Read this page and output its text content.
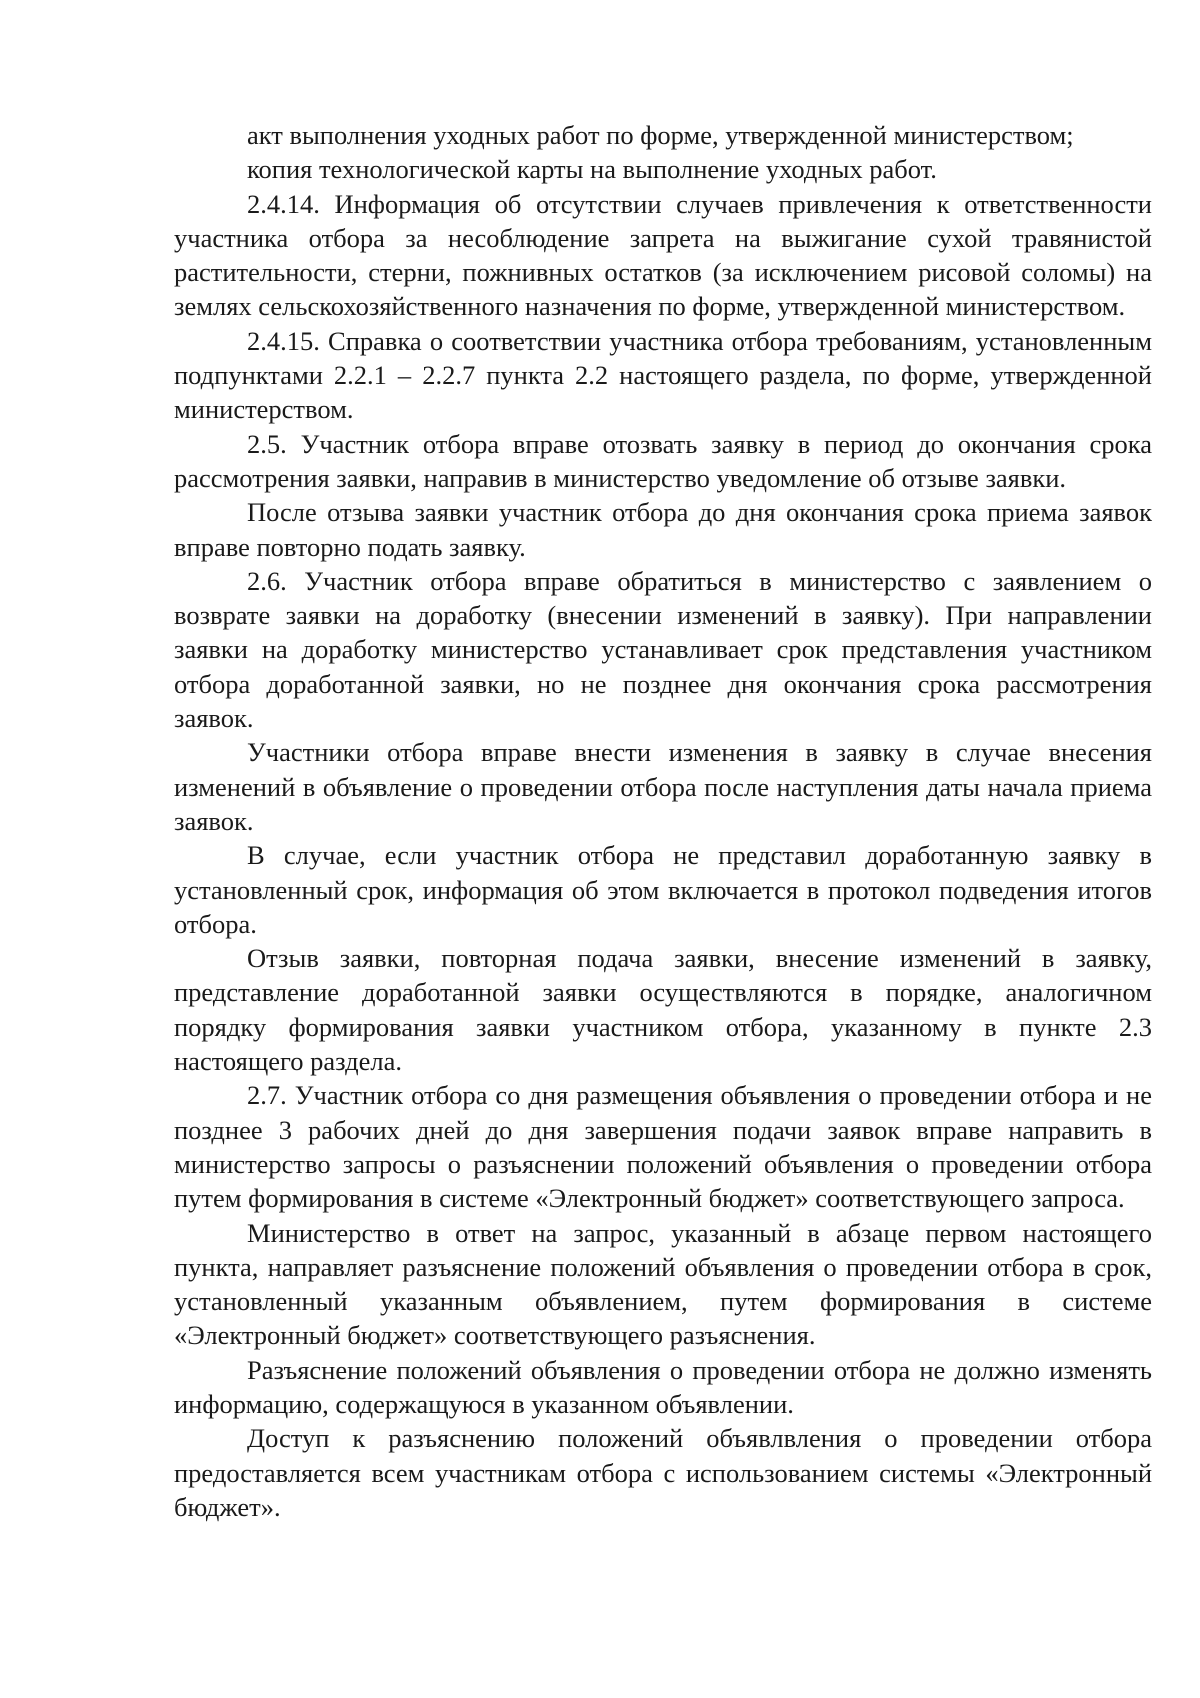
акт выполнения уходных работ по форме, утвержденной министерством;

копия технологической карты на выполнение уходных работ.

2.4.14. Информация об отсутствии случаев привлечения к ответственности участника отбора за несоблюдение запрета на выжигание сухой травянистой растительности, стерни, пожнивных остатков (за исключением рисовой соломы) на землях сельскохозяйственного назначения по форме, утвержденной министерством.

2.4.15. Справка о соответствии участника отбора требованиям, установленным подпунктами 2.2.1 – 2.2.7 пункта 2.2 настоящего раздела, по форме, утвержденной министерством.

2.5. Участник отбора вправе отозвать заявку в период до окончания срока рассмотрения заявки, направив в министерство уведомление об отзыве заявки.

После отзыва заявки участник отбора до дня окончания срока приема заявок вправе повторно подать заявку.

2.6. Участник отбора вправе обратиться в министерство с заявлением о возврате заявки на доработку (внесении изменений в заявку). При направлении заявки на доработку министерство устанавливает срок представления участником отбора доработанной заявки, но не позднее дня окончания срока рассмотрения заявок.

Участники отбора вправе внести изменения в заявку в случае внесения изменений в объявление о проведении отбора после наступления даты начала приема заявок.

В случае, если участник отбора не представил доработанную заявку в установленный срок, информация об этом включается в протокол подведения итогов отбора.

Отзыв заявки, повторная подача заявки, внесение изменений в заявку, представление доработанной заявки осуществляются в порядке, аналогичном порядку формирования заявки участником отбора, указанному в пункте 2.3 настоящего раздела.

2.7. Участник отбора со дня размещения объявления о проведении отбора и не позднее 3 рабочих дней до дня завершения подачи заявок вправе направить в министерство запросы о разъяснении положений объявления о проведении отбора путем формирования в системе «Электронный бюджет» соответствующего запроса.

Министерство в ответ на запрос, указанный в абзаце первом настоящего пункта, направляет разъяснение положений объявления о проведении отбора в срок, установленный указанным объявлением, путем формирования в системе «Электронный бюджет» соответствующего разъяснения.

Разъяснение положений объявления о проведении отбора не должно изменять информацию, содержащуюся в указанном объявлении.

Доступ к разъяснению положений объявлвления о проведении отбора предоставляется всем участникам отбора с использованием системы «Электронный бюджет».
